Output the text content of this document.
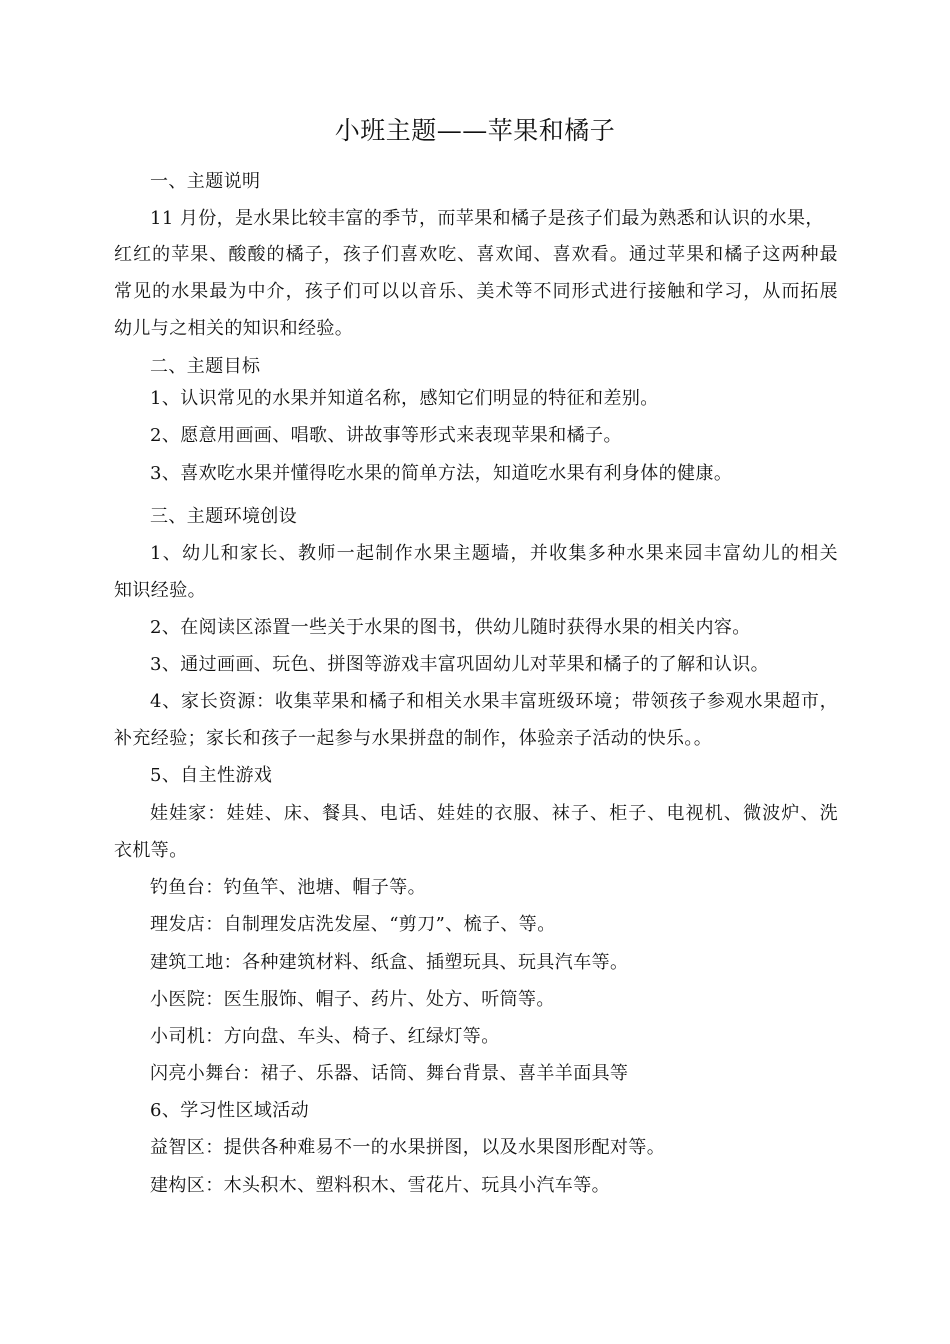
小班主题——苹果和橘子
一、主题说明
11 月份，是水果比较丰富的季节，而苹果和橘子是孩子们最为熟悉和认识的水果，
红红的苹果、酸酸的橘子，孩子们喜欢吃、喜欢闻、喜欢看。通过苹果和橘子这两种最
常见的水果最为中介，孩子们可以以音乐、美术等不同形式进行接触和学习，从而拓展
幼儿与之相关的知识和经验。
二、主题目标
1、认识常见的水果并知道名称，感知它们明显的特征和差别。
2、愿意用画画、唱歌、讲故事等形式来表现苹果和橘子。
3、喜欢吃水果并懂得吃水果的简单方法，知道吃水果有利身体的健康。
三、主题环境创设
1、幼儿和家长、教师一起制作水果主题墙，并收集多种水果来园丰富幼儿的相关
知识经验。
2、在阅读区添置一些关于水果的图书，供幼儿随时获得水果的相关内容。
3、通过画画、玩色、拼图等游戏丰富巩固幼儿对苹果和橘子的了解和认识。
4、家长资源：收集苹果和橘子和相关水果丰富班级环境；带领孩子参观水果超市，
补充经验；家长和孩子一起参与水果拼盘的制作，体验亲子活动的快乐。。
5、自主性游戏
娃娃家：娃娃、床、餐具、电话、娃娃的衣服、袜子、柜子、电视机、微波炉、洗
衣机等。
钓鱼台：钓鱼竿、池塘、帽子等。
理发店：自制理发店洗发屋、“剪刀”、梳子、等。
建筑工地：各种建筑材料、纸盒、插塑玩具、玩具汽车等。
小医院：医生服饰、帽子、药片、处方、听筒等。
小司机：方向盘、车头、椅子、红绿灯等。
闪亮小舞台：裙子、乐器、话筒、舞台背景、喜羊羊面具等
6、学习性区域活动
益智区：提供各种难易不一的水果拼图，以及水果图形配对等。
建构区：木头积木、塑料积木、雪花片、玩具小汽车等。
